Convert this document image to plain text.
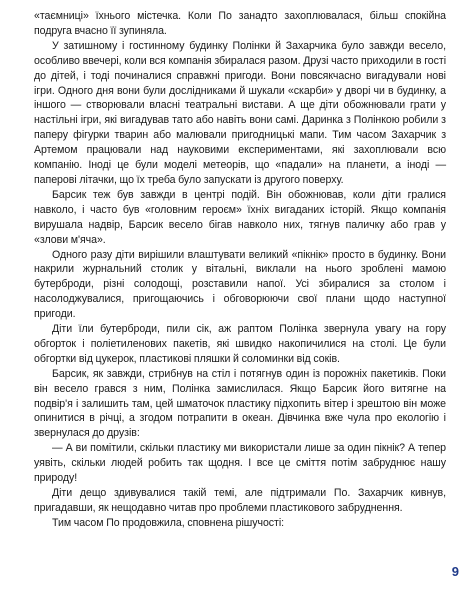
«таємниці» їхнього містечка. Коли По занадто захоплювалася, більш спокійна подруга вчасно її зупиняла.

У затишному і гостинному будинку Полінки й Захарчика було завжди весело, особливо ввечері, коли вся компанія збиралася разом. Друзі часто приходили в гості до дітей, і тоді починалися справжні пригоди. Вони повсякчасно вигадували нові ігри. Одного дня вони були дослідниками й шукали «скарби» у дворі чи в будинку, а іншого — створювали власні театральні вистави. А ще діти обожнювали грати у настільні ігри, які вигадував тато або навіть вони самі. Даринка з Полінкою робили з паперу фігурки тварин або малювали пригодницькі мапи. Тим часом Захарчик з Артемом працювали над науковими експериментами, які захоплювали всю компанію. Іноді це були моделі метеорів, що «падали» на планети, а іноді — паперові літачки, що їх треба було запускати із другого поверху.

Барсик теж був завжди в центрі подій. Він обожнював, коли діти гралися навколо, і часто був «головним героєм» їхніх вигаданих історій. Якщо компанія вирушала надвір, Барсик весело бігав навколо них, тягнув паличку або грав у «злови м'яча».

Одного разу діти вирішили влаштувати великий «пікнік» просто в будинку. Вони накрили журнальний столик у вітальні, виклали на нього зроблені мамою бутерброди, різні солодощі, розставили напої. Усі збиралися за столом і насолоджувалися, пригощаючись і обговорюючи свої плани щодо наступної пригоди.

Діти їли бутерброди, пили сік, аж раптом Полінка звернула увагу на гору обгорток і поліетиленових пакетів, які швидко накопичилися на столі. Це були обгортки від цукерок, пластикові пляшки й соломинки від соків.

Барсик, як завжди, стрибнув на стіл і потягнув один із порожніх пакетиків. Поки він весело грався з ним, Полінка замислилася. Якщо Барсик його витягне на подвір'я і залишить там, цей шматочок пластику підхопить вітер і зрештою він може опинитися в річці, а згодом потрапити в океан. Дівчинка вже чула про екологію і звернулася до друзів:

— А ви помітили, скільки пластику ми використали лише за один пікнік? А тепер уявіть, скільки людей робить так щодня. І все це сміття потім забруднює нашу природу!

Діти дещо здивувалися такій темі, але підтримали По. Захарчик кивнув, пригадавши, як нещодавно читав про проблеми пластикового забруднення.

Тим часом По продовжила, сповнена рішучості:

9
